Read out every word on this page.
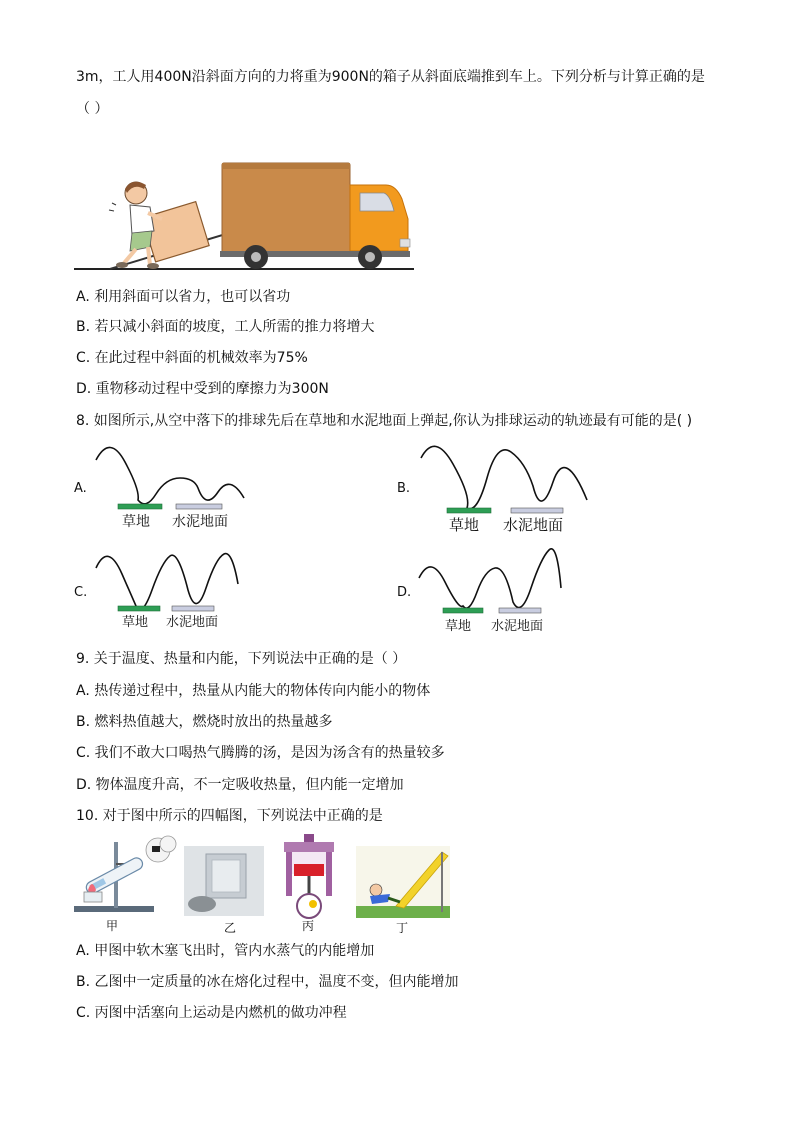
3m，工人用400N沿斜面方向的力将重为900N的箱子从斜面底端推到车上。下列分析与计算正确的是
（ ）
A. 利用斜面可以省力，也可以省功
B. 若只减小斜面的坡度，工人所需的推力将增大
C. 在此过程中斜面的机械效率为75%
D. 重物移动过程中受到的摩擦力为300N
8. 如图所示,从空中落下的排球先后在草地和水泥地面上弹起,你认为排球运动的轨迹最有可能的是( )
A.
草地 水泥地面
B.
草地 水泥地面
C.
草地 水泥地面
D.
草地 水泥地面
9. 关于温度、热量和内能，下列说法中正确的是（ ）
A. 热传递过程中，热量从内能大的物体传向内能小的物体
B. 燃料热值越大，燃烧时放出的热量越多
C. 我们不敢大口喝热气腾腾的汤，是因为汤含有的热量较多
D. 物体温度升高，不一定吸收热量，但内能一定增加
10. 对于图中所示的四幅图，下列说法中正确的是
甲	乙	丙	丁
A. 甲图中软木塞飞出时，管内水蒸气的内能增加
B. 乙图中一定质量的冰在熔化过程中，温度不变，但内能增加
C. 丙图中活塞向上运动是内燃机的做功冲程
